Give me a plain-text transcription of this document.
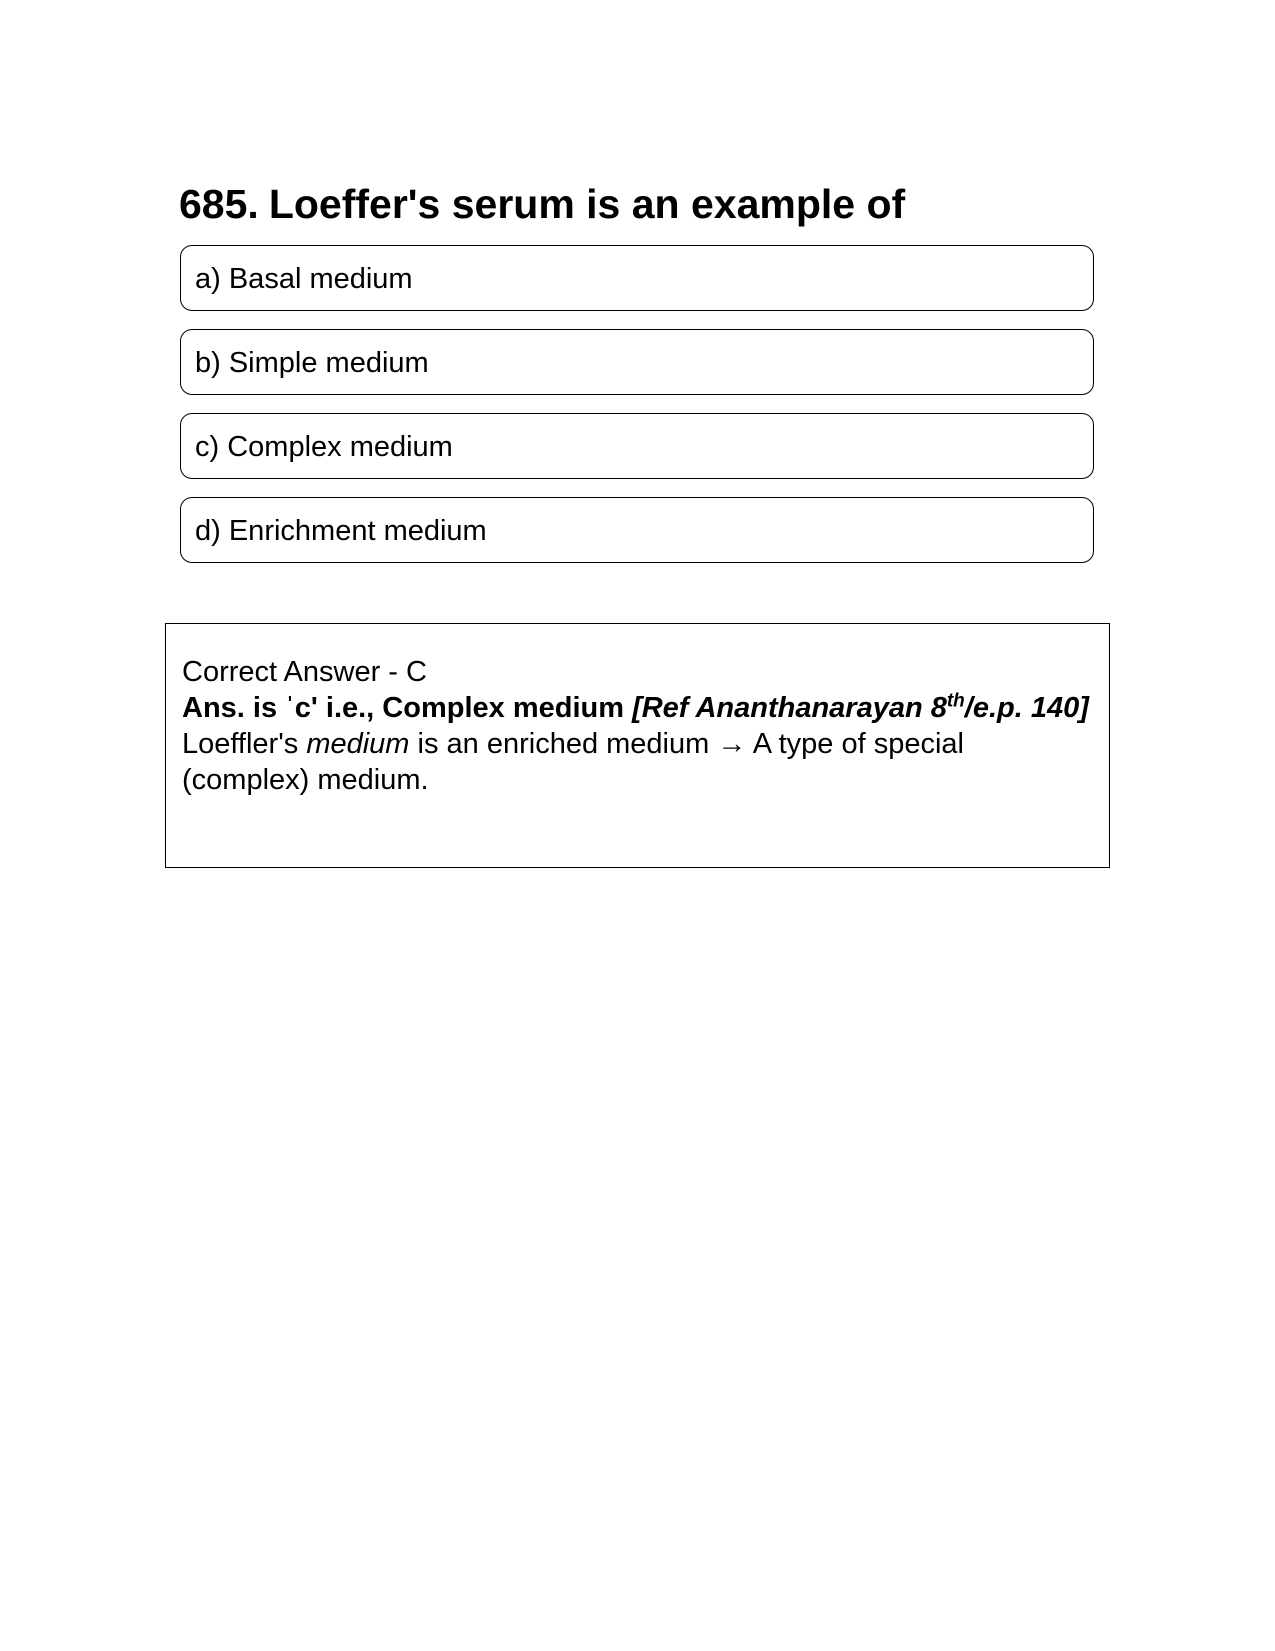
685. Loeffer's serum is an example of
a) Basal medium
b) Simple medium
c) Complex medium
d) Enrichment medium

Correct Answer - C

Ans. is ˈc' i.e., Complex medium [Ref Ananthanarayan 8th/e.p. 140]

Loeffler's medium is an enriched medium → A type of special (complex) medium.
